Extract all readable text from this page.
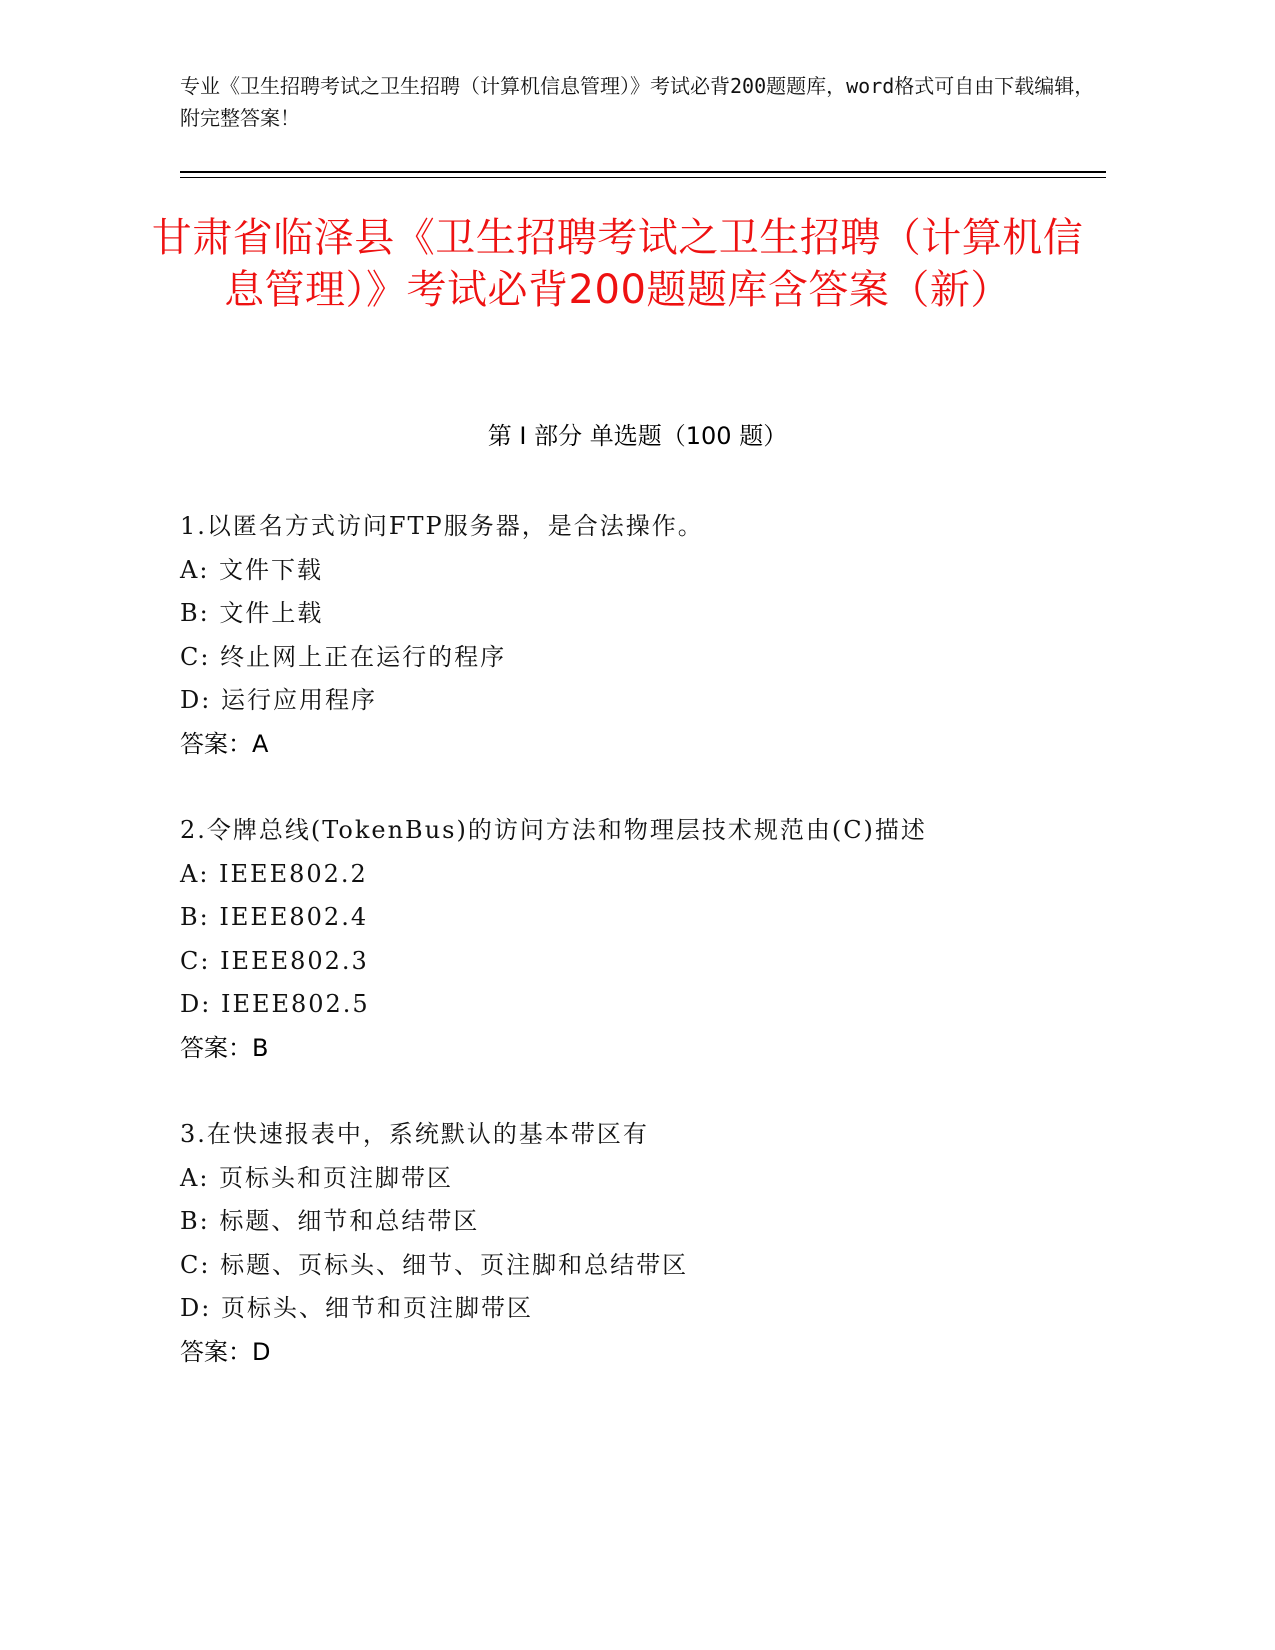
专业《卫生招聘考试之卫生招聘（计算机信息管理）》考试必背200题题库，word格式可自由下载编辑，附完整答案！
甘肃省临泽县《卫生招聘考试之卫生招聘（计算机信息管理）》考试必背200题题库含答案（新）
第 I 部分 单选题（100 题）
1.以匿名方式访问FTP服务器，是合法操作。
A: 文件下载
B: 文件上载
C: 终止网上正在运行的程序
D: 运行应用程序
答案：A
2.令牌总线(TokenBus)的访问方法和物理层技术规范由(C)描述
A: IEEE802.2
B: IEEE802.4
C: IEEE802.3
D: IEEE802.5
答案：B
3.在快速报表中，系统默认的基本带区有
A: 页标头和页注脚带区
B: 标题、细节和总结带区
C: 标题、页标头、细节、页注脚和总结带区
D: 页标头、细节和页注脚带区
答案：D
